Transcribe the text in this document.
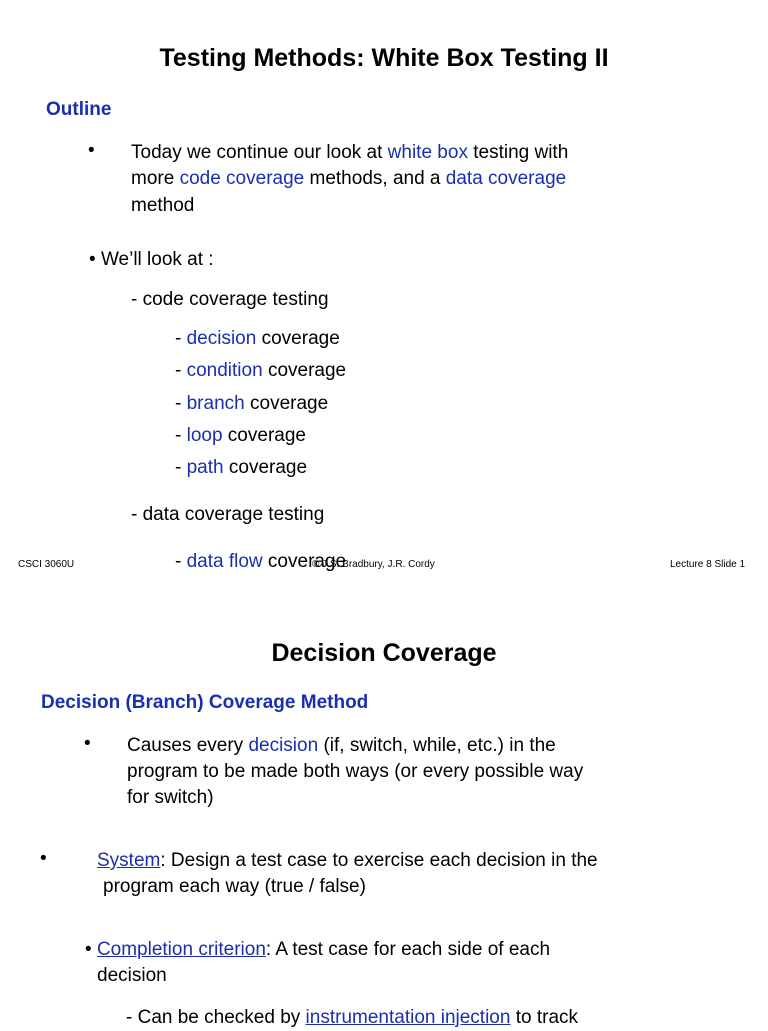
Testing Methods: White Box Testing II
Outline
• Today we continue our look at white box testing with
more code coverage methods, and a data coverage
method
• We’ll look at :
- code coverage testing
- decision coverage
- condition coverage
- branch coverage
- loop coverage
- path coverage
- data coverage testing
- data flow coverage
CSCI 3060U	© J.S. Bradbury, J.R. Cordy	Lecture 8 Slide 1
Decision Coverage
Decision (Branch) Coverage Method
• Causes every decision (if, switch, while, etc.) in the
program to be made both ways (or every possible way
for switch)
•	System: Design a test case to exercise each decision in the
program each way (true / false)
• Completion criterion: A test case for each side of each
decision
- Can be checked by instrumentation injection to track
